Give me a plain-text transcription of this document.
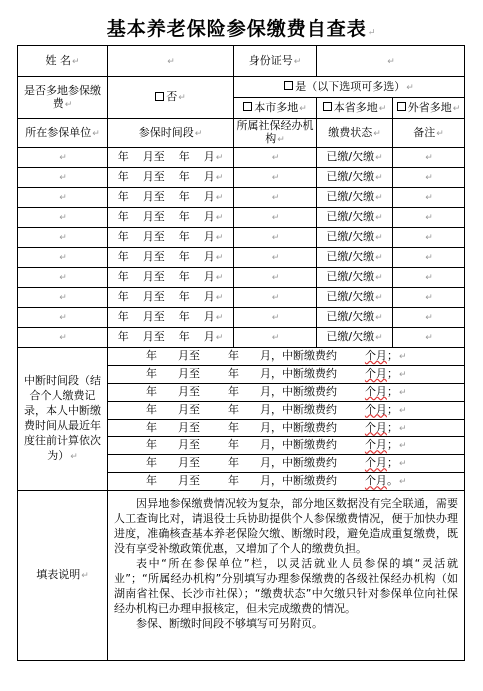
基本养老保险参保缴费自查表↵
姓 名↵	↵	身份证号↵	↵	
是否多地参保缴费↵	否↵	是（以下选项可多选）↵		
		本市多地↵	本省多地↵	外省多地↵
所在参保单位↵	参保时间段↵	所属社保经办机构↵	缴费状态↵	备注↵
↵	年 月至 年 月↵	↵	已缴/欠缴↵	↵
↵	年 月至 年 月↵	↵	已缴/欠缴↵	↵
↵	年 月至 年 月↵	↵	已缴/欠缴↵	↵
↵	年 月至 年 月↵	↵	已缴/欠缴↵	↵
↵	年 月至 年 月↵	↵	已缴/欠缴↵	↵
↵	年 月至 年 月↵	↵	已缴/欠缴↵	↵
↵	年 月至 年 月↵	↵	已缴/欠缴↵	↵
↵	年 月至 年 月↵	↵	已缴/欠缴↵	↵
↵	年 月至 年 月↵	↵	已缴/欠缴↵	↵
↵	年 月至 年 月↵	↵	已缴/欠缴↵	↵
中断时间段（结合个人缴费记录，本人中断缴费时间从最近年度往前计算依次为）↵	年 月至 年 月，中断缴费约 个月；↵			
	年 月至 年 月，中断缴费约 个月；↵			
	年 月至 年 月，中断缴费约 个月；↵			
	年 月至 年 月，中断缴费约 个月；↵			
	年 月至 年 月，中断缴费约 个月；↵			
	年 月至 年 月，中断缴费约 个月；↵			
	年 月至 年 月，中断缴费约 个月；↵			
	年 月至 年 月，中断缴费约 个月。↵			
填表说明↵	因异地参保缴费情况较为复杂，部分地区数据没有完全联通，需要人工查询比对，请退役士兵协助提供个人参保缴费情况，便于加快办理进度，准确核查基本养老保险欠缴、断缴时段，避免造成重复缴费，既没有享受补缴政策优惠，又增加了个人的缴费负担。

表中“所在参保单位”栏，以灵活就业人员参保的填“灵活就业”；“所属经办机构”分别填写办理参保缴费的各级社保经办机构（如湖南省社保、长沙市社保）；“缴费状态”中欠缴只针对参保单位向社保经办机构已办理申报核定，但未完成缴费的情况。

参保、断缴时间段不够填写可另附页。			
